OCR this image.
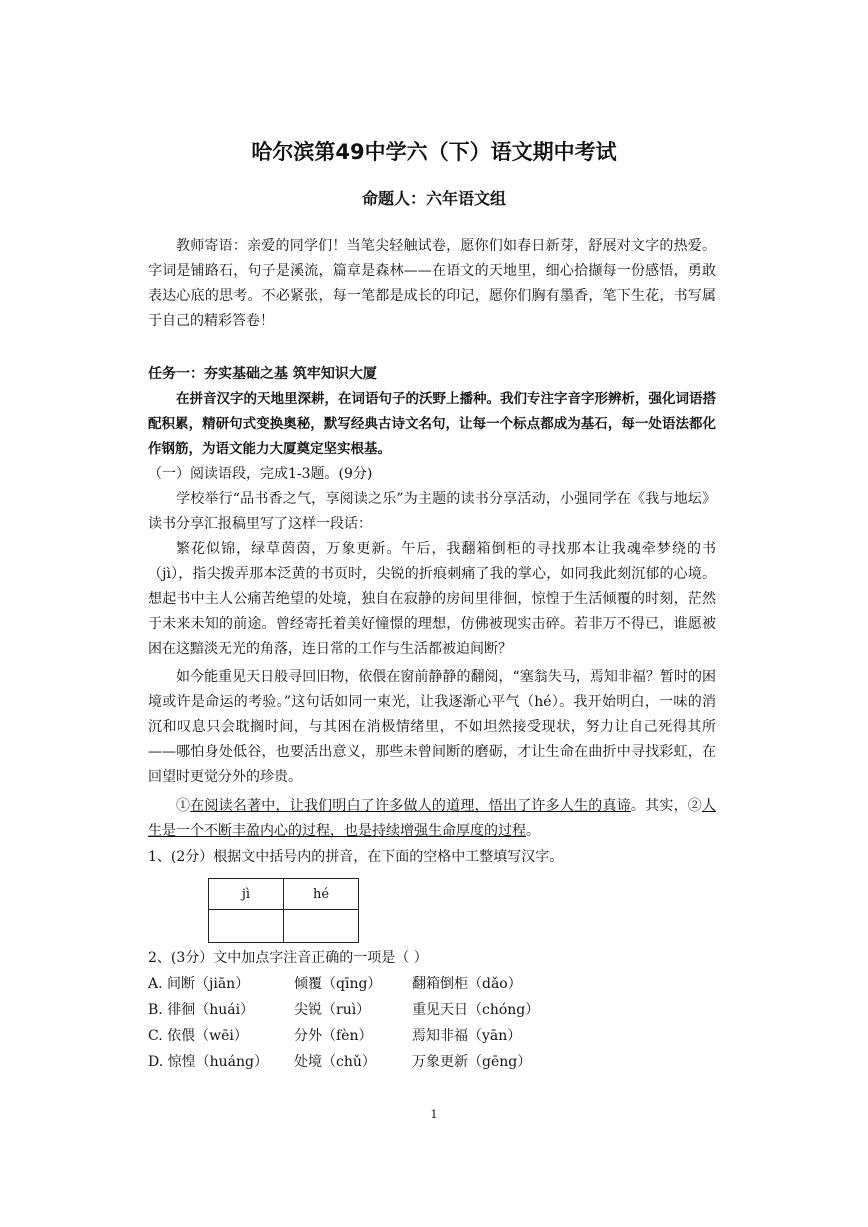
哈尔滨第49中学六（下）语文期中考试
命题人：六年语文组
教师寄语：亲爱的同学们！当笔尖轻触试卷，愿你们如春日新芽，舒展对文字的热爱。字词是铺路石，句子是溪流，篇章是森林——在语文的天地里，细心拾撷每一份感悟，勇敢表达心底的思考。不必紧张，每一笔都是成长的印记，愿你们胸有墨香，笔下生花，书写属于自己的精彩答卷！
任务一：夯实基础之基 筑牢知识大厦
在拼音汉字的天地里深耕，在词语句子的沃野上播种。我们专注字音字形辨析，强化词语搭配积累，精研句式变换奥秘，默写经典古诗文名句，让每一个标点都成为基石，每一处语法都化作钢筋，为语文能力大厦奠定坚实根基。
（一）阅读语段，完成1-3题。(9分)
学校举行“品书香之气，享阅读之乐”为主题的读书分享活动，小强同学在《我与地坛》读书分享汇报稿里写了这样一段话：
繁花似锦，绿草茵茵，万象更新。午后，我翻箱倒柜的寻找那本让我魂牵梦绕的书（jì），指尖拨弄那本泛黄的书页时，尖锐的折痕刺痛了我的掌心，如同我此刻沉郁的心境。想起书中主人公痛苦绝望的处境，独自在寂静的房间里徘徊，惊惶于生活倾覆的时刻，茫然于未来未知的前途。曾经寄托着美好憧憬的理想，仿佛被现实击碎。若非万不得已，谁愿被困在这黯淡无光的角落，连日常的工作与生活都被迫间断？
如今能重见天日般寻回旧物，依偎在窗前静静的翻阅，“塞翁失马，焉知非福？暂时的困境或许是命运的考验。”这句话如同一束光，让我逐渐心平气（hé）。我开始明白，一味的消沉和叹息只会耽搁时间，与其困在消极情绪里，不如坦然接受现状，努力让自己死得其所——哪怕身处低谷，也要活出意义，那些未曾间断的磨砺，才让生命在曲折中寻找彩虹，在回望时更觉分外的珍贵。
①在阅读名著中，让我们明白了许多做人的道理，悟出了许多人生的真谛。其实，②人生是一个不断丰盈内心的过程，也是持续增强生命厚度的过程。
1、(2分）根据文中括号内的拼音，在下面的空格中工整填写汉字。
jì	hé

2、(3分）文中加点字注音正确的一项是（ ）
A. 间断（jiān）	倾覆（qīng） 翻箱倒柜（dǎo）
B. 徘徊（huái）	尖锐（ruì）	重见天日（chóng）
C. 依偎（wēi）	分外（fèn）	焉知非福（yān）
D. 惊惶（huáng） 处境（chǔ）	万象更新（gēng）
1
